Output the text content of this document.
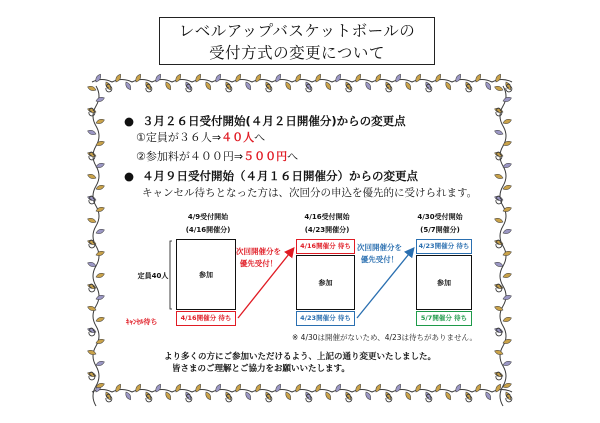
レベルアップバスケットボールの
受付方式の変更について
● ３月２６日受付開始(４月２日開催分)からの変更点
①定員が３６人⇒４０人へ
②参加料が４００円⇒５００円へ
● ４月９日受付開始（４月１６日開催分）からの変更点
キャンセル待ちとなった方は、次回分の申込を優先的に受けられます。
4/9受付開始
(4/16開催分)
4/16受付開始
(4/23開催分)
4/30受付開始
(5/7開催分)
定員40人
ｷｬﾝｾﾙ待ち
参加
4/16開催分 待ち
4/16開催分 待ち
参加
4/23開催分 待ち
4/23開催分 待ち
参加
5/7開催分 待ち
次回開催分を
優先受付！
次回開催分を
優先受付！
※ 4/30は開催がないため、4/23は待ちがありません。
より多くの方にご参加いただけるよう、上記の通り変更いたしました。
皆さまのご理解とご協力をお願いいたします。
